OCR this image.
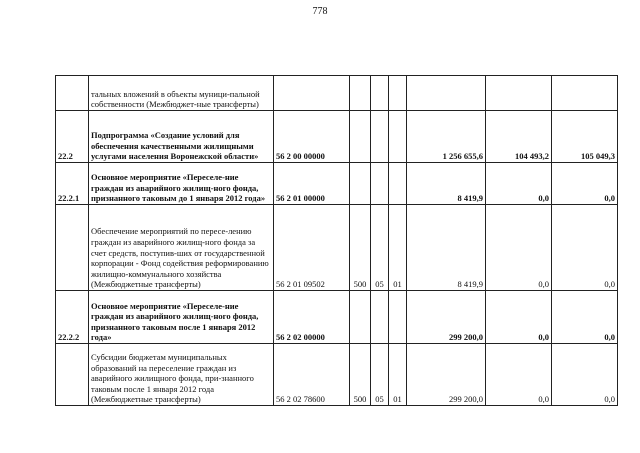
778
	тальных вложений в объекты муници-пальной собственности (Межбюджет-ные трансферты)							
22.2	Подпрограмма «Создание условий для обеспечения качественными жилищными услугами населения Воронежской области»	56 2 00 00000				1 256 655,6	104 493,2	105 049,3
22.2.1	Основное мероприятие «Переселе-ние граждан из аварийного жилищ-ного фонда, признанного таковым до 1 января 2012 года»	56 2 01 00000				8 419,9	0,0	0,0
	Обеспечение мероприятий по пересе-лению граждан из аварийного жилищ-ного фонда за счет средств, поступив-ших от государственной корпорации - Фонд содействия реформированию жилищно-коммунального хозяйства (Межбюджетные трансферты)	56 2 01 09502	500	05	01	8 419,9	0,0	0,0
22.2.2	Основное мероприятие «Переселе-ние граждан из аварийного жилищ-ного фонда, признанного таковым после 1 января 2012 года»	56 2 02 00000				299 200,0	0,0	0,0
	Субсидии бюджетам муниципальных образований на переселение граждан из аварийного жилищного фонда, при-знанного таковым после 1 января 2012 года (Межбюджетные трансферты)	56 2 02 78600	500	05	01	299 200,0	0,0	0,0
